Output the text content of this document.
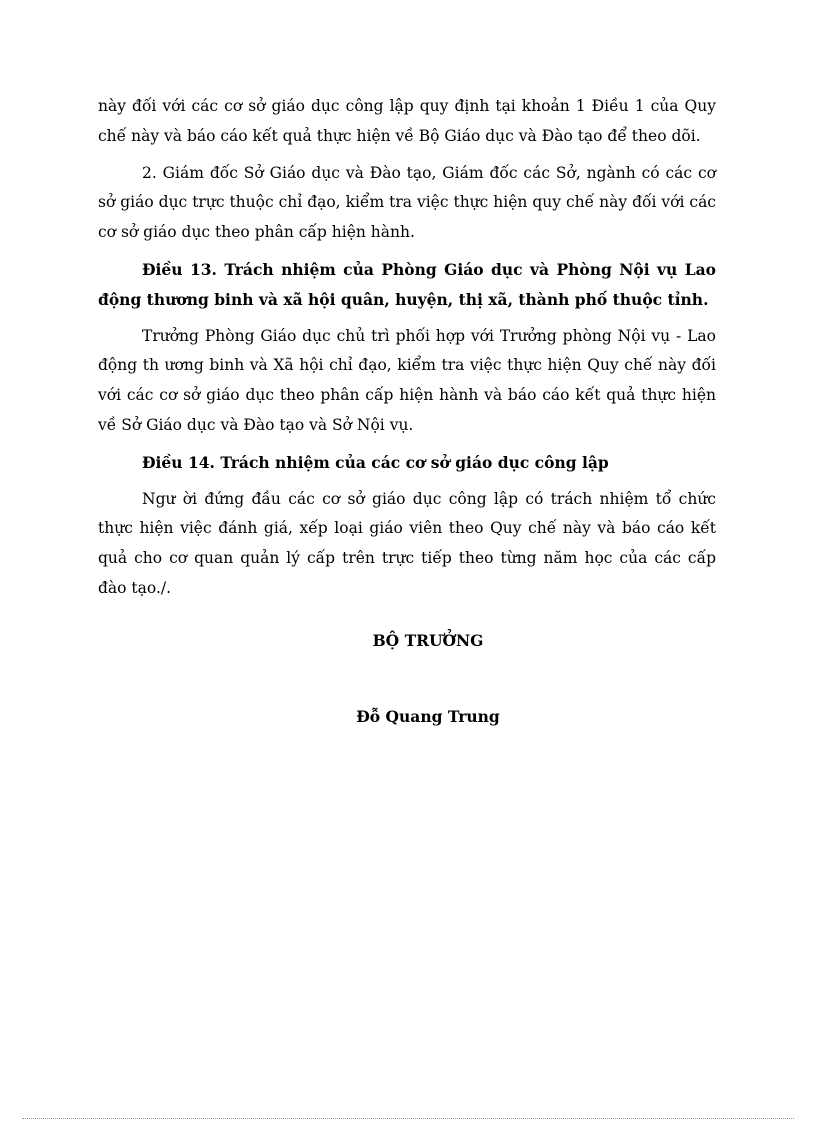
này đối với các cơ sở giáo dục công lập quy định tại khoản 1 Điều 1 của Quy chế này và báo cáo kết quả thực hiện về Bộ Giáo dục và Đào tạo để theo dõi.

2. Giám đốc Sở Giáo dục và Đào tạo, Giám đốc các Sở, ngành có các cơ sở giáo dục trực thuộc chỉ đạo, kiểm tra việc thực hiện quy chế này đối với các cơ sở giáo dục theo phân cấp hiện hành.

Điều 13. Trách nhiệm của Phòng Giáo dục và Phòng Nội vụ Lao động thương binh và xã hội quân, huyện, thị xã, thành phố thuộc tỉnh.

Trưởng Phòng Giáo dục chủ trì phối hợp với Trưởng phòng Nội vụ - Lao động th ương binh và Xã hội chỉ đạo, kiểm tra việc thực hiện Quy chế này đối với các cơ sở giáo dục theo phân cấp hiện hành và báo cáo kết quả thực hiện về Sở Giáo dục và Đào tạo và Sở Nội vụ.

Điều 14. Trách nhiệm của các cơ sở giáo dục công lập

Ngư ời đứng đầu các cơ sở giáo dục công lập có trách nhiệm tổ chức thực hiện việc đánh giá, xếp loại giáo viên theo Quy chế này và báo cáo kết quả cho cơ quan quản lý cấp trên trực tiếp theo từng năm học của các cấp đào tạo./.

BỘ TRƯỞNG
Đỗ Quang Trung
